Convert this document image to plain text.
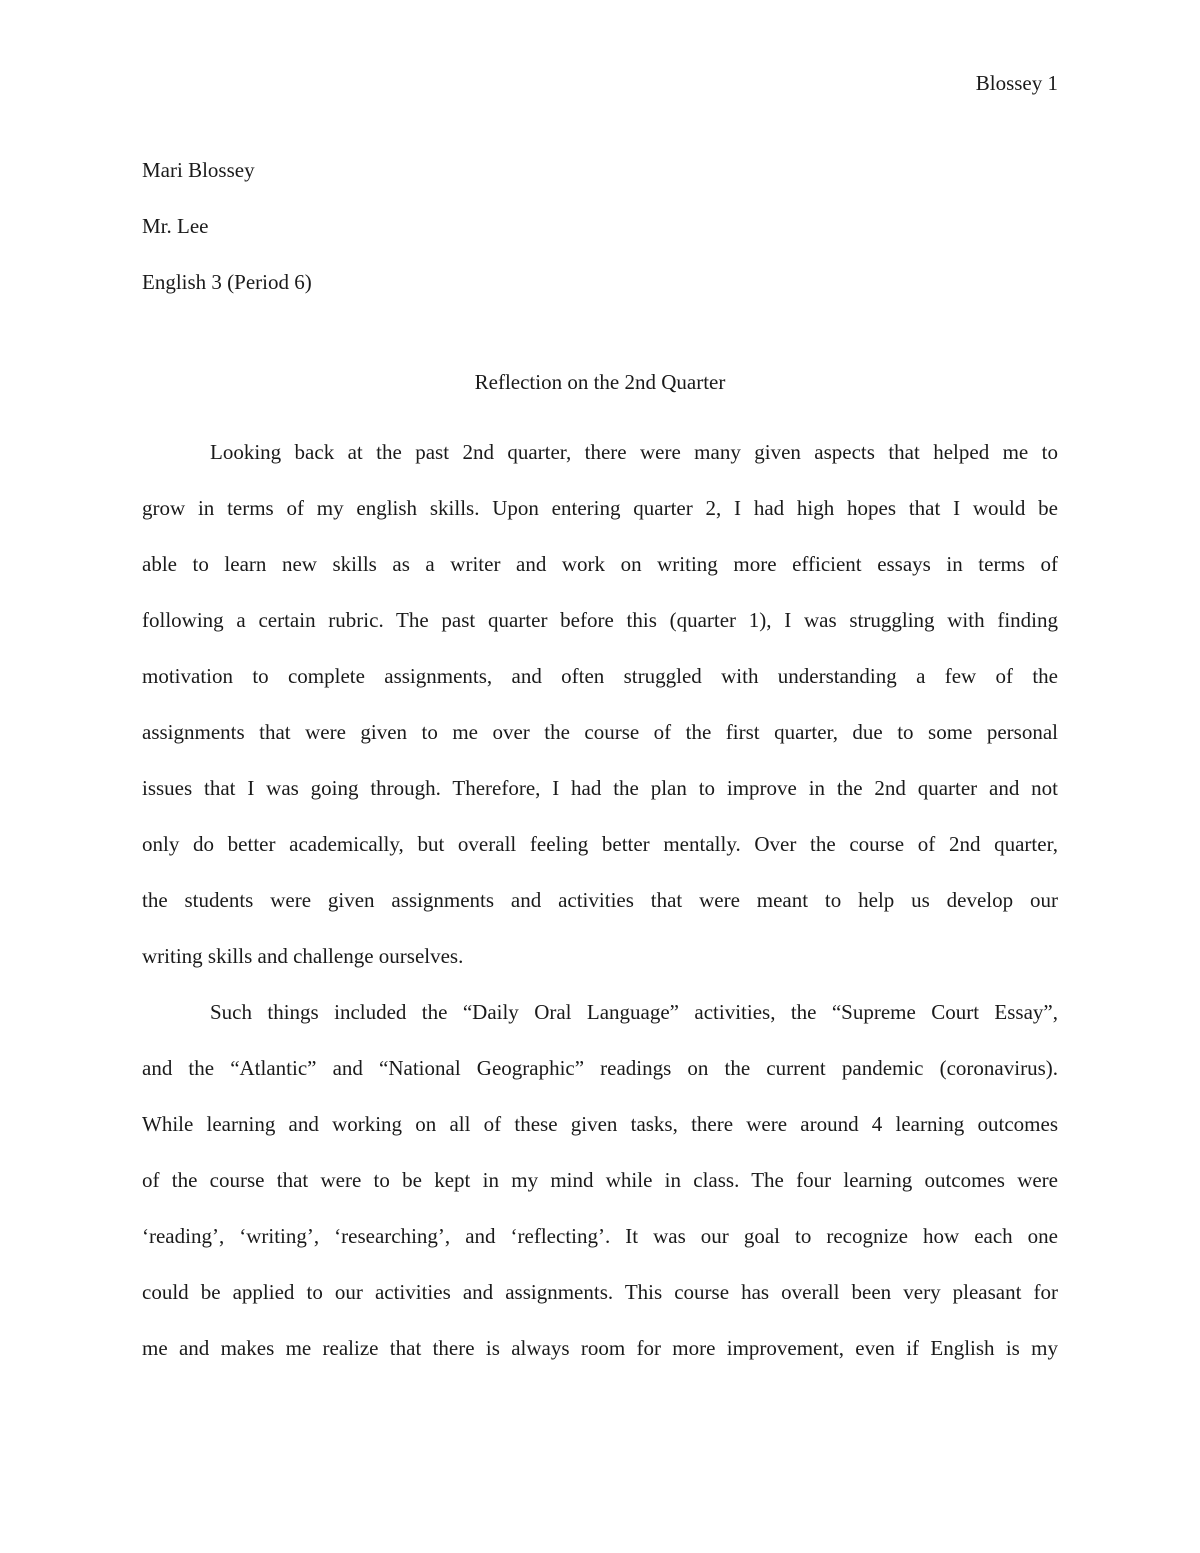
Blossey 1
Mari Blossey
Mr. Lee
English 3 (Period 6)
Reflection on the 2nd Quarter
Looking back at the past 2nd quarter, there were many given aspects that helped me to
grow in terms of my english skills. Upon entering quarter 2, I had high hopes that I would be
able to learn new skills as a writer and work on writing more efficient essays in terms of
following a certain rubric. The past quarter before this (quarter 1), I was struggling with finding
motivation to complete assignments, and often struggled with understanding a few of the
assignments that were given to me over the course of the first quarter, due to some personal
issues that I was going through. Therefore, I had the plan to improve in the 2nd quarter and not
only do better academically, but overall feeling better mentally. Over the course of 2nd quarter,
the students were given assignments and activities that were meant to help us develop our
writing skills and challenge ourselves.
Such things included the “Daily Oral Language” activities, the “Supreme Court Essay”,
and the “Atlantic” and “National Geographic” readings on the current pandemic (coronavirus).
While learning and working on all of these given tasks, there were around 4 learning outcomes
of the course that were to be kept in my mind while in class. The four learning outcomes were
‘reading’, ‘writing’, ‘researching’, and ‘reflecting’. It was our goal to recognize how each one
could be applied to our activities and assignments. This course has overall been very pleasant for
me and makes me realize that there is always room for more improvement, even if English is my
